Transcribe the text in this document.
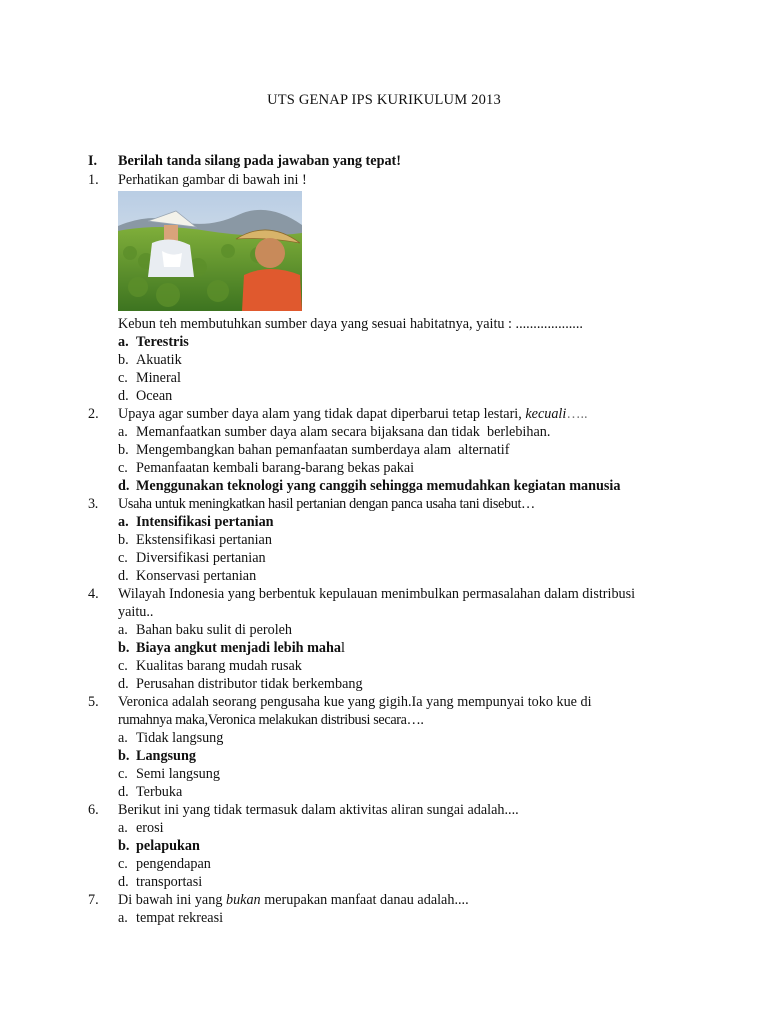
UTS GENAP IPS KURIKULUM 2013
I. Berilah tanda silang pada jawaban yang tepat!
1. Perhatikan gambar di bawah ini !
Kebun teh membutuhkan sumber daya yang sesuai habitatnya, yaitu : ...................
a. Terestris
b. Akuatik
c. Mineral
d. Ocean
2. Upaya agar sumber daya alam yang tidak dapat diperbarui tetap lestari, kecuali…..
a. Memanfaatkan sumber daya alam secara bijaksana dan tidak  berlebihan.
b. Mengembangkan bahan pemanfaatan sumberdaya alam  alternatif
c. Pemanfaatan kembali barang-barang bekas pakai
d. Menggunakan teknologi yang canggih sehingga memudahkan kegiatan manusia
3. Usaha untuk meningkatkan hasil pertanian dengan panca usaha tani disebut…
a. Intensifikasi pertanian
b. Ekstensifikasi pertanian
c. Diversifikasi pertanian
d. Konservasi pertanian
4. Wilayah Indonesia yang berbentuk kepulauan menimbulkan permasalahan dalam distribusi
yaitu..
a. Bahan baku sulit di peroleh
b. Biaya angkut menjadi lebih mahal
c. Kualitas barang mudah rusak
d. Perusahan distributor tidak berkembang
5. Veronica adalah seorang pengusaha kue yang gigih.Ia yang mempunyai toko kue di
rumahnya maka,Veronica melakukan distribusi secara….
a. Tidak langsung
b. Langsung
c. Semi langsung
d. Terbuka
6. Berikut ini yang tidak termasuk dalam aktivitas aliran sungai adalah....
a. erosi
b. pelapukan
c. pengendapan
d. transportasi
7. Di bawah ini yang bukan merupakan manfaat danau adalah....
a. tempat rekreasi
